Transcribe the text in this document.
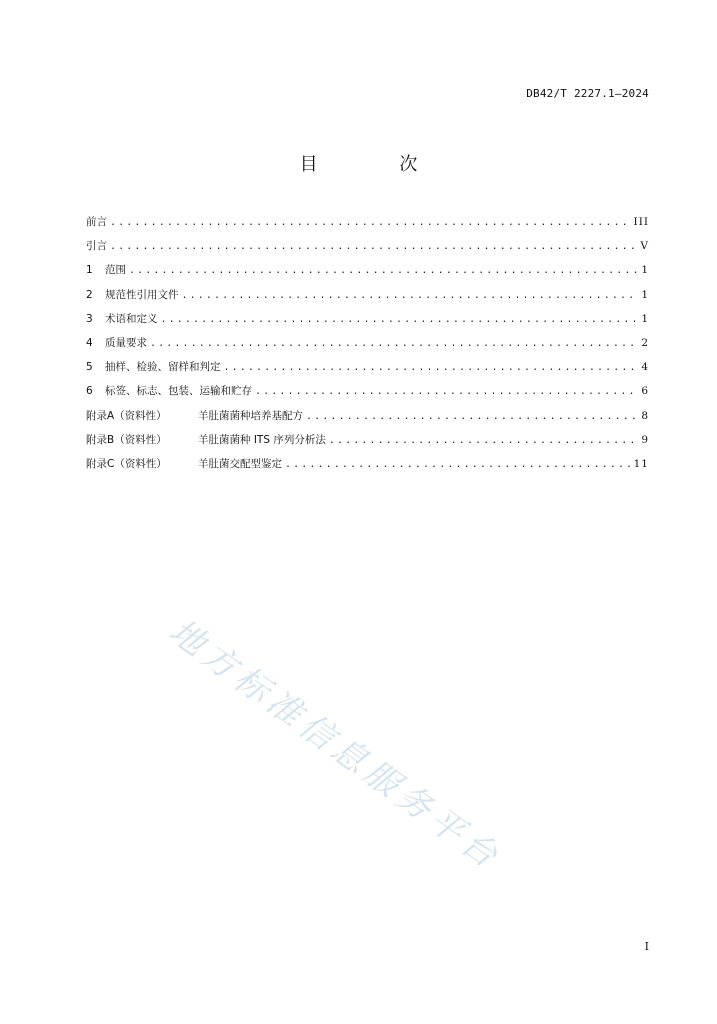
DB42/T 2227.1—2024
目 次
前言 .....	III
引言 .....	V
1	范围 .....	1
2	规范性引用文件 .....	1
3	术语和定义 .....	1
4	质量要求 .....	2
5	抽样、检验、留样和判定 .....	4
6	标签、标志、包装、运输和贮存 .....	6
附录A（资料性）	羊肚菌菌种培养基配方 .....	8
附录B（资料性）	羊肚菌菌种 ITS 序列分析法 .....	9
附录C（资料性）	羊肚菌交配型鉴定 .....	11
地方标准信息服务平台
I
